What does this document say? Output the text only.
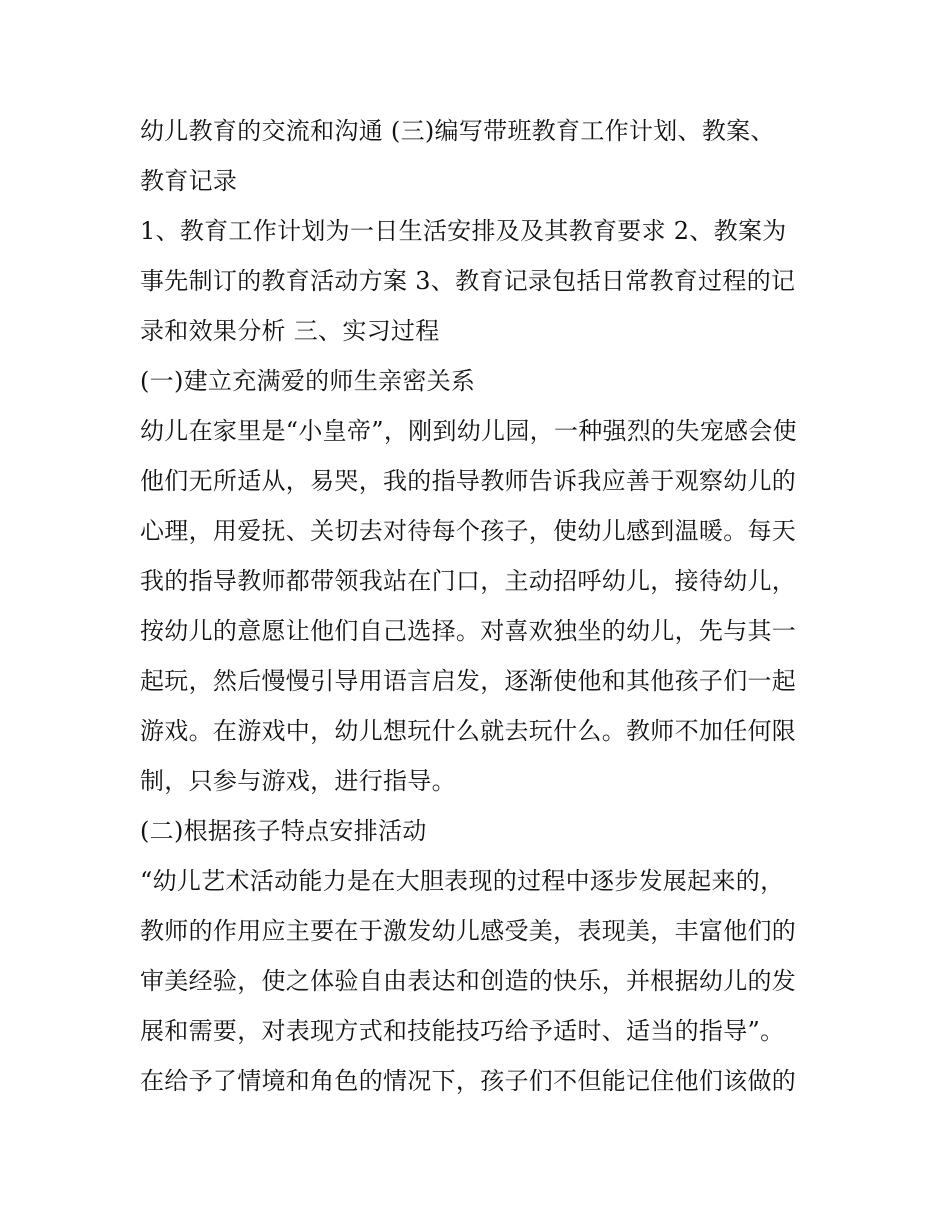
幼儿教育的交流和沟通 (三)编写带班教育工作计划、教案、
教育记录
1、教育工作计划为一日生活安排及及其教育要求 2、教案为
事先制订的教育活动方案 3、教育记录包括日常教育过程的记
录和效果分析 三、实习过程
(一)建立充满爱的师生亲密关系
幼儿在家里是“小皇帝”，刚到幼儿园，一种强烈的失宠感会使
他们无所适从，易哭，我的指导教师告诉我应善于观察幼儿的
心理，用爱抚、关切去对待每个孩子，使幼儿感到温暖。每天
我的指导教师都带领我站在门口，主动招呼幼儿，接待幼儿，
按幼儿的意愿让他们自己选择。对喜欢独坐的幼儿，先与其一
起玩，然后慢慢引导用语言启发，逐渐使他和其他孩子们一起
游戏。在游戏中，幼儿想玩什么就去玩什么。教师不加任何限
制，只参与游戏，进行指导。
(二)根据孩子特点安排活动
“幼儿艺术活动能力是在大胆表现的过程中逐步发展起来的，
教师的作用应主要在于激发幼儿感受美，表现美，丰富他们的
审美经验，使之体验自由表达和创造的快乐，并根据幼儿的发
展和需要，对表现方式和技能技巧给予适时、适当的指导”。
在给予了情境和角色的情况下，孩子们不但能记住他们该做的
